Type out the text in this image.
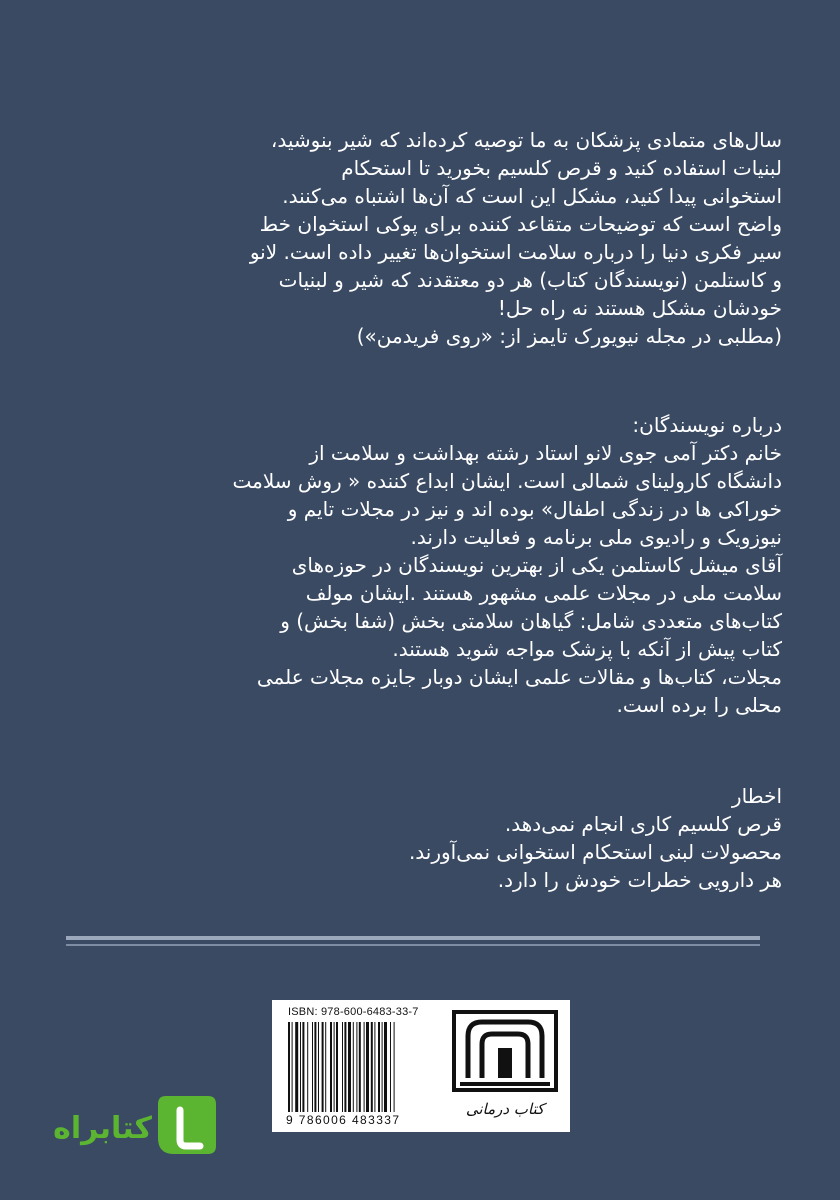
سال‌های متمادی پزشکان به ما توصیه کرده‌اند که شیر بنوشید،

لبنیات استفاده کنید و قرص کلسیم بخورید تا استحکام

استخوانی پیدا کنید، مشکل این است که آن‌ها اشتباه می‌کنند.

واضح است که توضیحات متقاعد کننده برای پوکی استخوان خط

سیر فکری دنیا را درباره سلامت استخوان‌ها تغییر داده است. لانو

و کاستلمن (نویسندگان کتاب) هر دو معتقدند که شیر و لبنیات

خودشان مشکل هستند نه راه حل!

(مطلبی در مجله نیویورک تایمز از: «روی فریدمن»)

درباره نویسندگان:

خانم دکتر آمی جوی لانو استاد رشته بهداشت و سلامت از

دانشگاه کارولینای شمالی است. ایشان ابداع کننده « روش سلامت

خوراکی ها در زندگی اطفال» بوده اند و نیز در مجلات تایم و

نیوزویک و رادیوی ملی برنامه و فعالیت دارند.

آقای میشل کاستلمن یکی از بهترین نویسندگان در حوزه‌های

سلامت ملی در مجلات علمی مشهور هستند .ایشان مولف

کتاب‌های متعددی شامل: گیاهان سلامتی بخش (شفا بخش) و

کتاب پیش از آنکه با پزشک مواجه شوید هستند.

مجلات، کتاب‌ها و مقالات علمی ایشان دوبار جایزه مجلات علمی

محلی را برده است.

اخطار

قرص کلسیم کاری انجام نمی‌دهد.

محصولات لبنی استحکام استخوانی نمی‌آورند.

هر دارویی خطرات خودش را دارد.

ISBN: 978-600-6483-33-7
9 786006 483337
کتاب درمانی
کتابراه
